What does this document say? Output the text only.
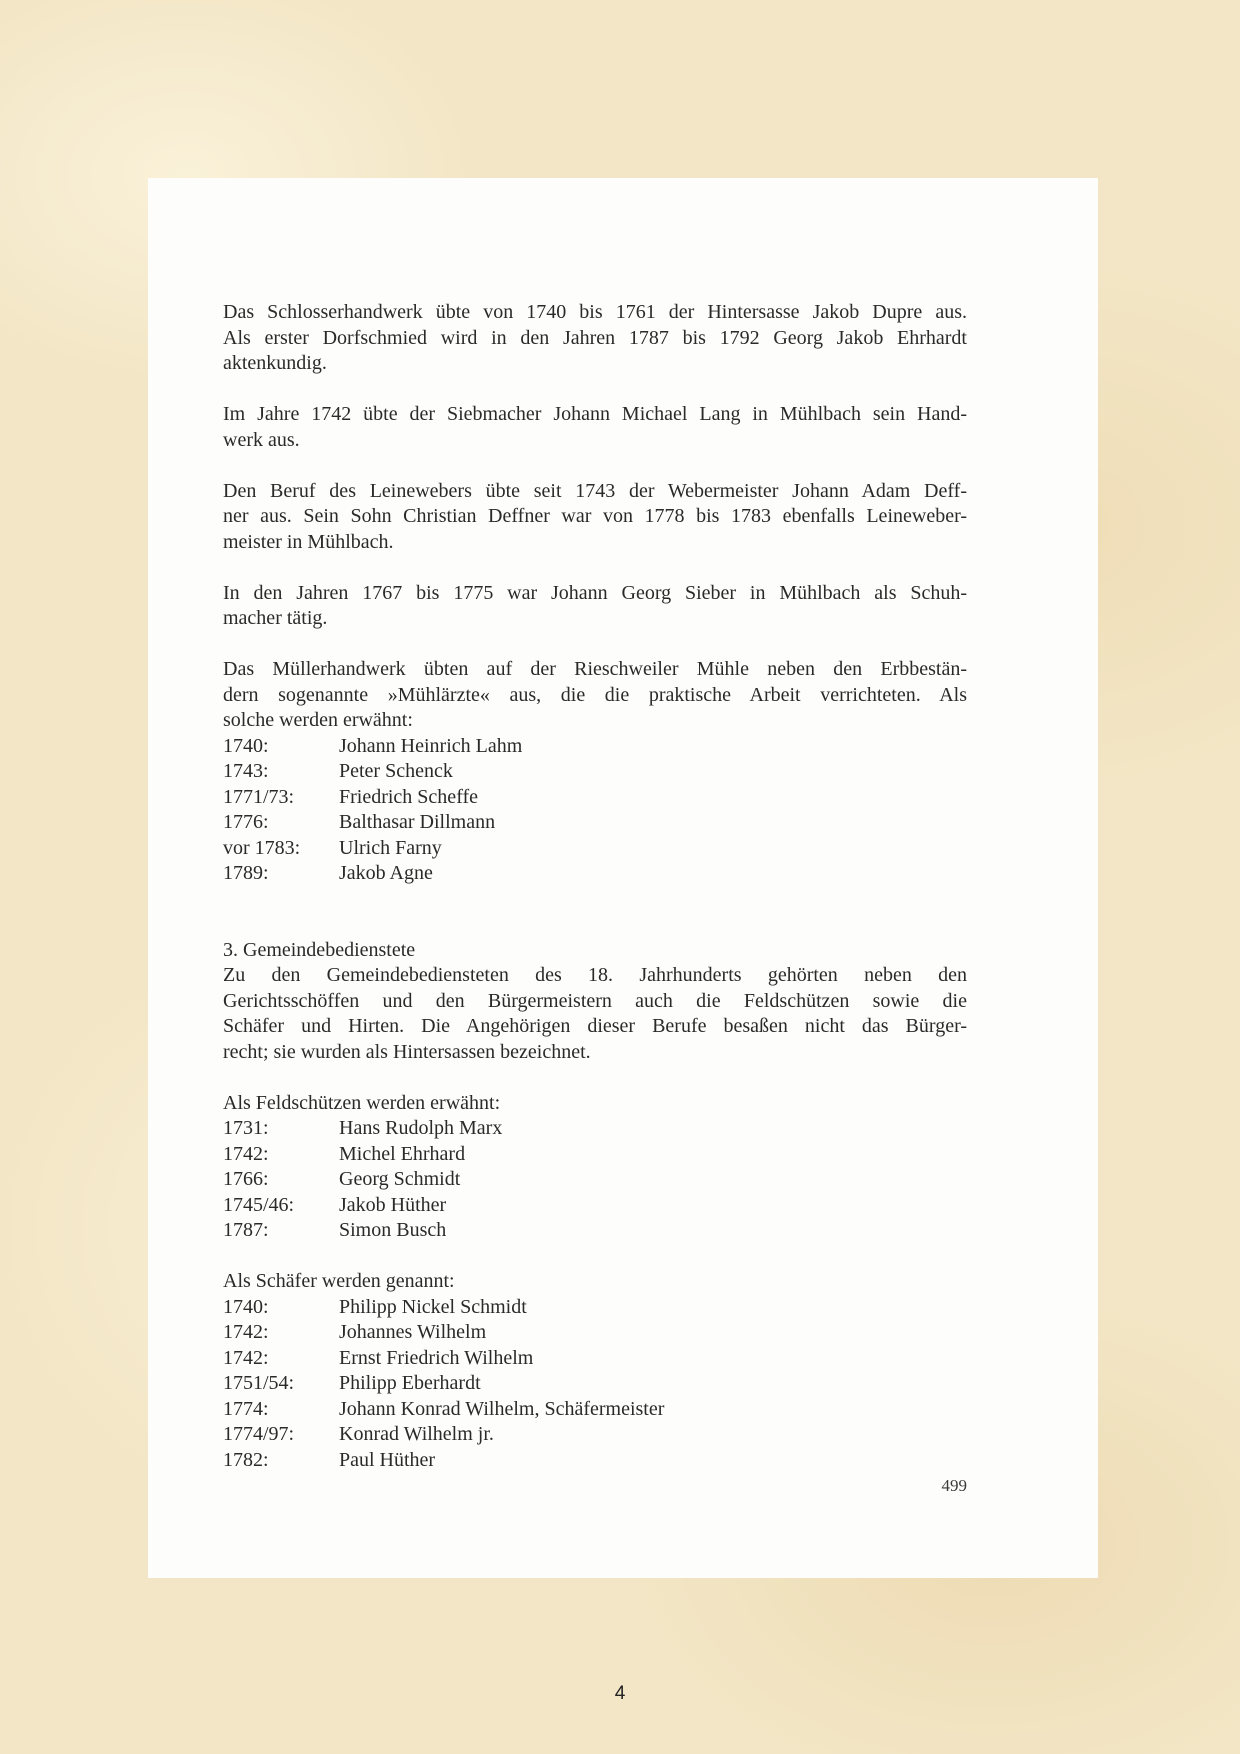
Das Schlosserhandwerk übte von 1740 bis 1761 der Hintersasse Jakob Dupre aus.

Als erster Dorfschmied wird in den Jahren 1787 bis 1792 Georg Jakob Ehrhardt

aktenkundig.

Im Jahre 1742 übte der Siebmacher Johann Michael Lang in Mühlbach sein Hand-

werk aus.

Den Beruf des Leinewebers übte seit 1743 der Webermeister Johann Adam Deff-

ner aus. Sein Sohn Christian Deffner war von 1778 bis 1783 ebenfalls Leineweber-

meister in Mühlbach.

In den Jahren 1767 bis 1775 war Johann Georg Sieber in Mühlbach als Schuh-

macher tätig.

Das Müllerhandwerk übten auf der Rieschweiler Mühle neben den Erbbestän-

dern sogenannte »Mühlärzte« aus, die die praktische Arbeit verrichteten. Als

solche werden erwähnt:

1740:	Johann Heinrich Lahm
1743:	Peter Schenck
1771/73:	Friedrich Scheffe
1776:	Balthasar Dillmann
vor 1783:	Ulrich Farny
1789:	Jakob Agne

3. Gemeindebedienstete

Zu den Gemeindebediensteten des 18. Jahrhunderts gehörten neben den

Gerichtsschöffen und den Bürgermeistern auch die Feldschützen sowie die

Schäfer und Hirten. Die Angehörigen dieser Berufe besaßen nicht das Bürger-

recht; sie wurden als Hintersassen bezeichnet.

Als Feldschützen werden erwähnt:

1731:	Hans Rudolph Marx
1742:	Michel Ehrhard
1766:	Georg Schmidt
1745/46:	Jakob Hüther
1787:	Simon Busch

Als Schäfer werden genannt:

1740:	Philipp Nickel Schmidt
1742:	Johannes Wilhelm
1742:	Ernst Friedrich Wilhelm
1751/54:	Philipp Eberhardt
1774:	Johann Konrad Wilhelm, Schäfermeister
1774/97:	Konrad Wilhelm jr.
1782:	Paul Hüther
499
4
